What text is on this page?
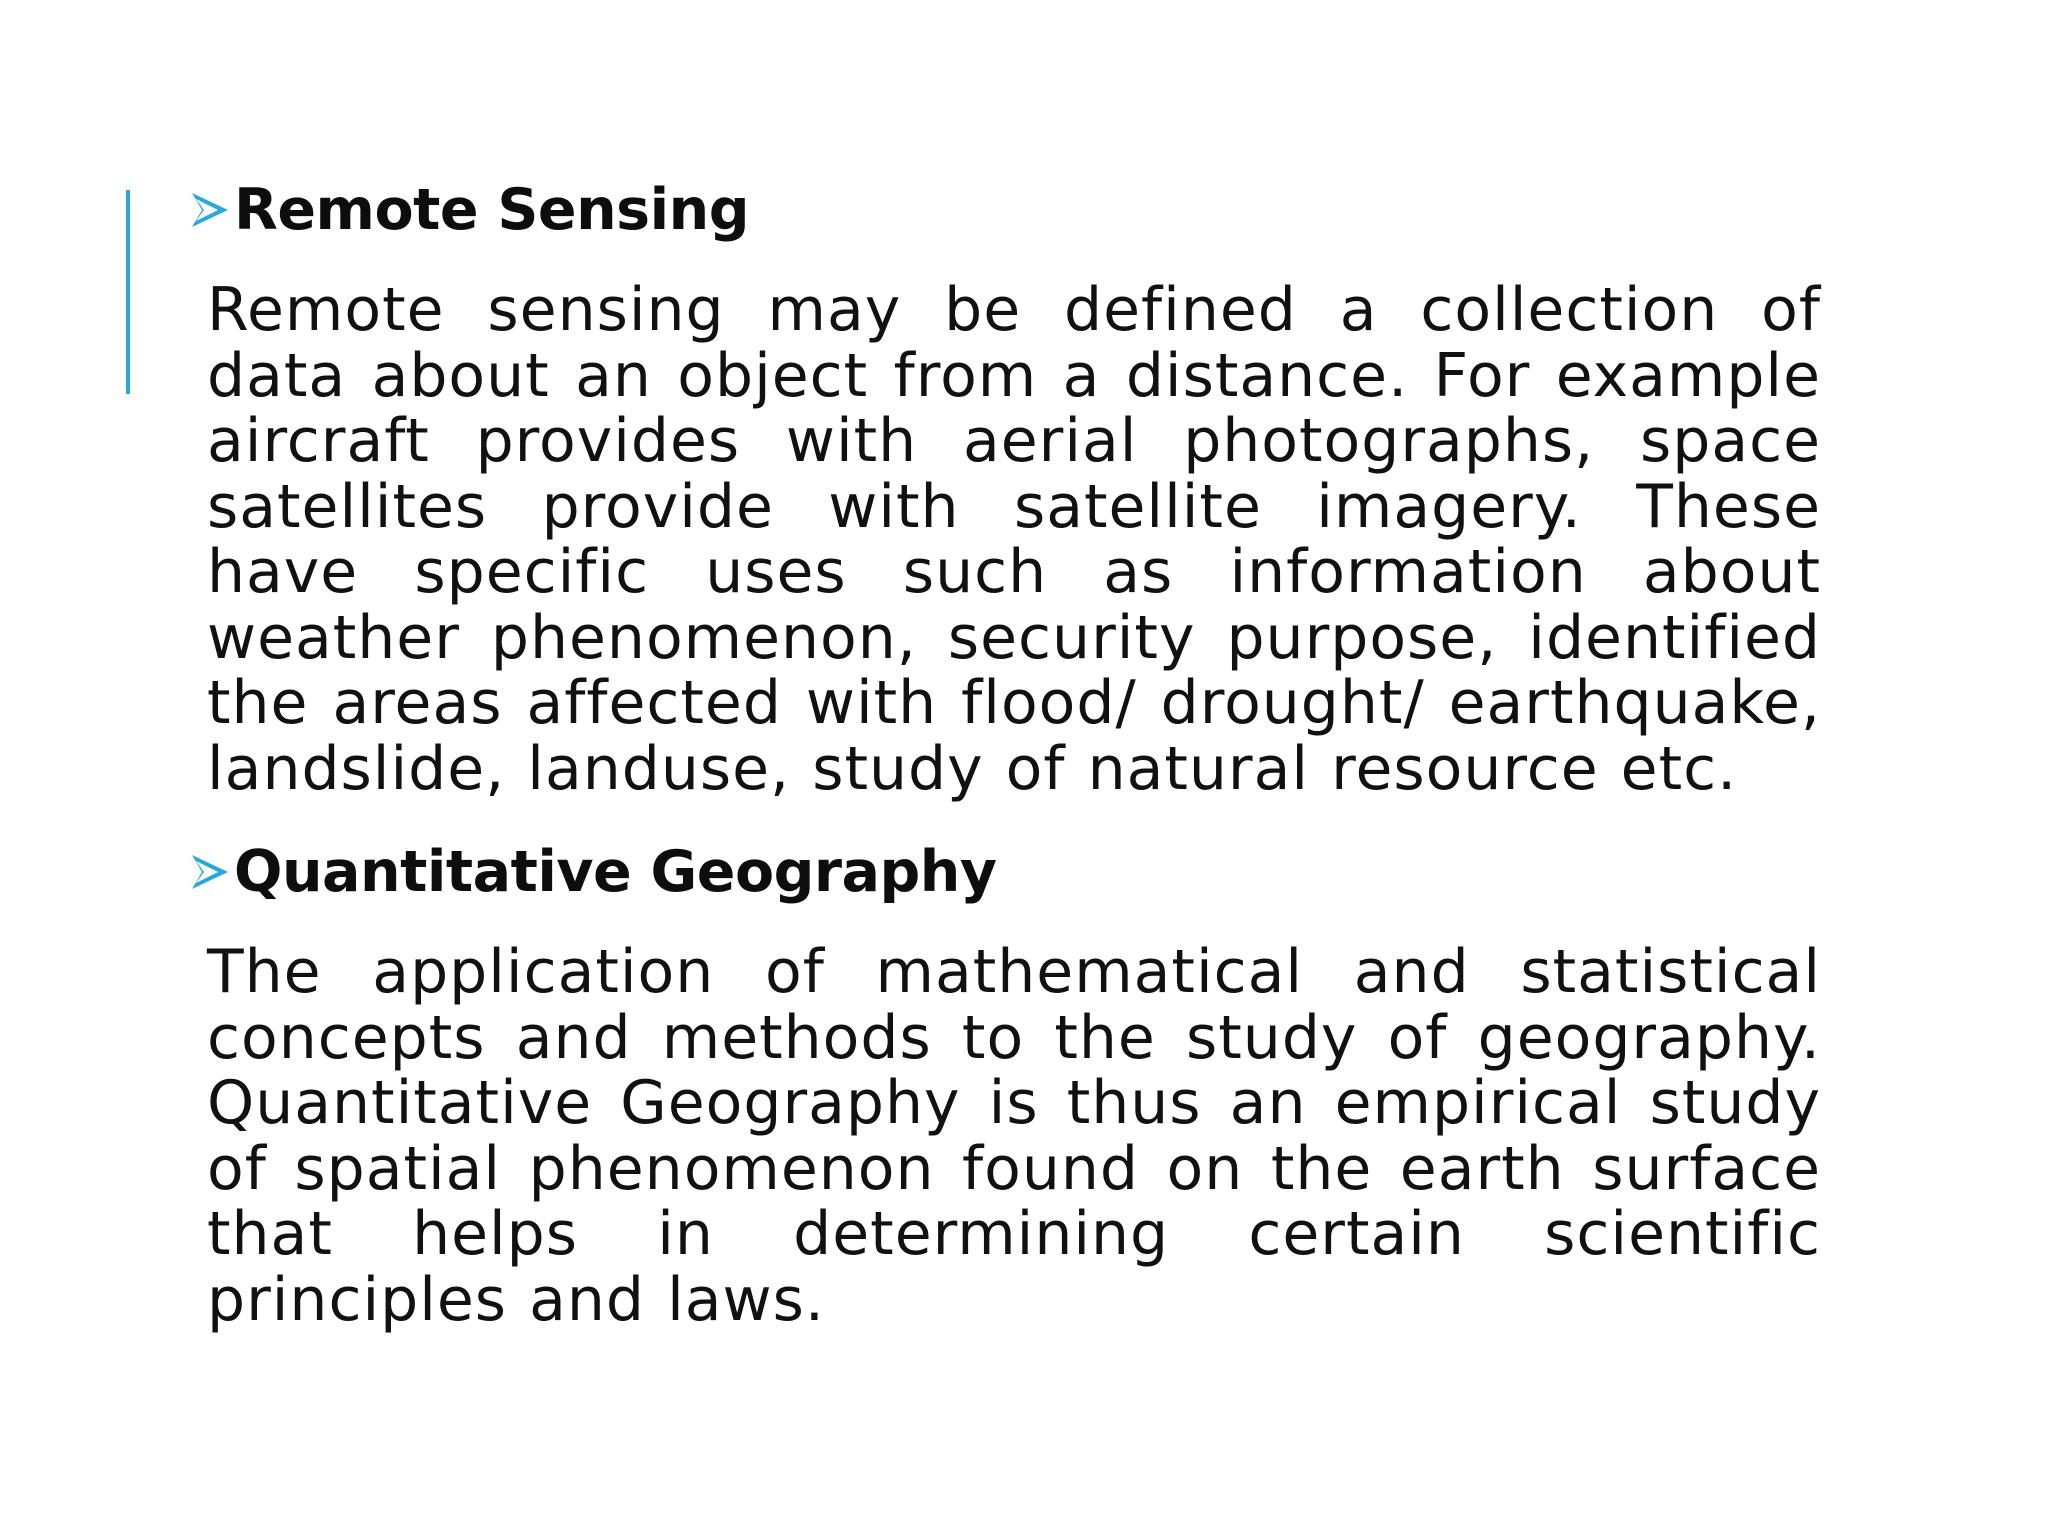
Remote Sensing

Remote sensing may be defined a collection of data about an object from a distance. For example aircraft provides with aerial photographs, space satellites provide with satellite imagery. These have specific uses such as information about weather phenomenon, security purpose, identified the areas affected with flood/ drought/ earthquake, landslide, landuse, study of natural resource etc.

Quantitative Geography

The application of mathematical and statistical concepts and methods to the study of geography. Quantitative Geography is thus an empirical study of spatial phenomenon found on the earth surface that helps in determining certain scientific principles and laws.
